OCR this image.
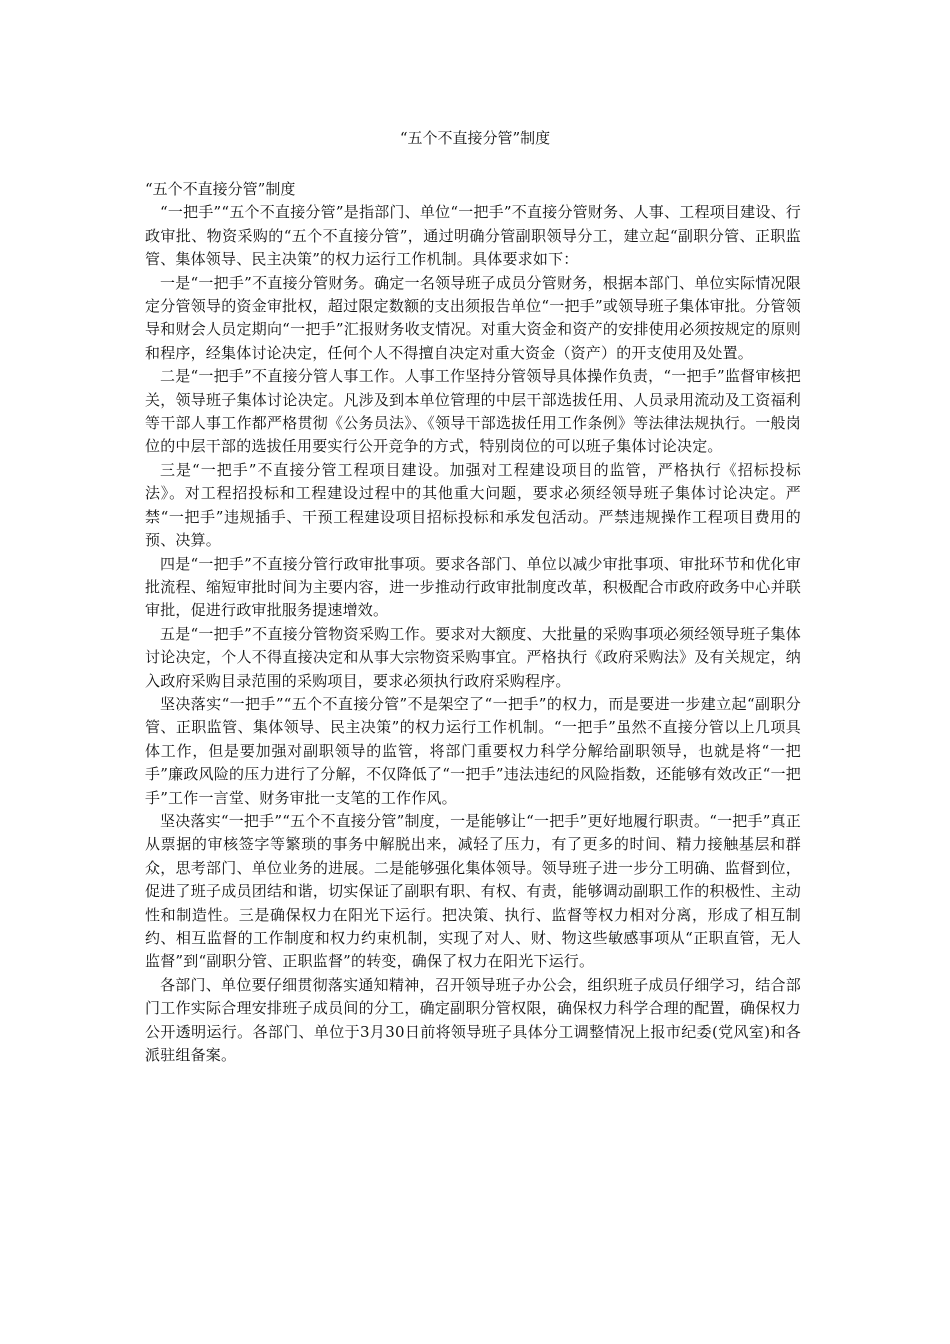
“五个不直接分管”制度

“五个不直接分管”制度

“一把手”“五个不直接分管”是指部门、单位“一把手”不直接分管财务、人事、工程项目建设、行政审批、物资采购的“五个不直接分管”，通过明确分管副职领导分工，建立起“副职分管、正职监管、集体领导、民主决策”的权力运行工作机制。具体要求如下：

一是“一把手”不直接分管财务。确定一名领导班子成员分管财务，根据本部门、单位实际情况限定分管领导的资金审批权，超过限定数额的支出须报告单位“一把手”或领导班子集体审批。分管领导和财会人员定期向“一把手”汇报财务收支情况。对重大资金和资产的安排使用必须按规定的原则和程序，经集体讨论决定，任何个人不得擅自决定对重大资金（资产）的开支使用及处置。

二是“一把手”不直接分管人事工作。人事工作坚持分管领导具体操作负责，“一把手”监督审核把关，领导班子集体讨论决定。凡涉及到本单位管理的中层干部选拔任用、人员录用流动及工资福利等干部人事工作都严格贯彻《公务员法》、《领导干部选拔任用工作条例》等法律法规执行。一般岗位的中层干部的选拔任用要实行公开竞争的方式，特别岗位的可以班子集体讨论决定。

三是“一把手”不直接分管工程项目建设。加强对工程建设项目的监管，严格执行《招标投标法》。对工程招投标和工程建设过程中的其他重大问题，要求必须经领导班子集体讨论决定。严禁“一把手”违规插手、干预工程建设项目招标投标和承发包活动。严禁违规操作工程项目费用的预、决算。

四是“一把手”不直接分管行政审批事项。要求各部门、单位以减少审批事项、审批环节和优化审批流程、缩短审批时间为主要内容，进一步推动行政审批制度改革，积极配合市政府政务中心并联审批，促进行政审批服务提速增效。

五是“一把手”不直接分管物资采购工作。要求对大额度、大批量的采购事项必须经领导班子集体讨论决定，个人不得直接决定和从事大宗物资采购事宜。严格执行《政府采购法》及有关规定，纳入政府采购目录范围的采购项目，要求必须执行政府采购程序。

坚决落实“一把手”“五个不直接分管”不是架空了“一把手”的权力，而是要进一步建立起“副职分管、正职监管、集体领导、民主决策”的权力运行工作机制。“一把手”虽然不直接分管以上几项具体工作，但是要加强对副职领导的监管，将部门重要权力科学分解给副职领导，也就是将“一把手”廉政风险的压力进行了分解，不仅降低了“一把手”违法违纪的风险指数，还能够有效改正“一把手”工作一言堂、财务审批一支笔的工作作风。

坚决落实“一把手”“五个不直接分管”制度，一是能够让“一把手”更好地履行职责。“一把手”真正从票据的审核签字等繁琐的事务中解脱出来，减轻了压力，有了更多的时间、精力接触基层和群众，思考部门、单位业务的进展。二是能够强化集体领导。领导班子进一步分工明确、监督到位，促进了班子成员团结和谐，切实保证了副职有职、有权、有责，能够调动副职工作的积极性、主动性和制造性。三是确保权力在阳光下运行。把决策、执行、监督等权力相对分离，形成了相互制约、相互监督的工作制度和权力约束机制，实现了对人、财、物这些敏感事项从“正职直管，无人监督”到“副职分管、正职监督”的转变，确保了权力在阳光下运行。

各部门、单位要仔细贯彻落实通知精神，召开领导班子办公会，组织班子成员仔细学习，结合部门工作实际合理安排班子成员间的分工，确定副职分管权限，确保权力科学合理的配置，确保权力公开透明运行。各部门、单位于3月30日前将领导班子具体分工调整情况上报市纪委(党风室)和各派驻组备案。
